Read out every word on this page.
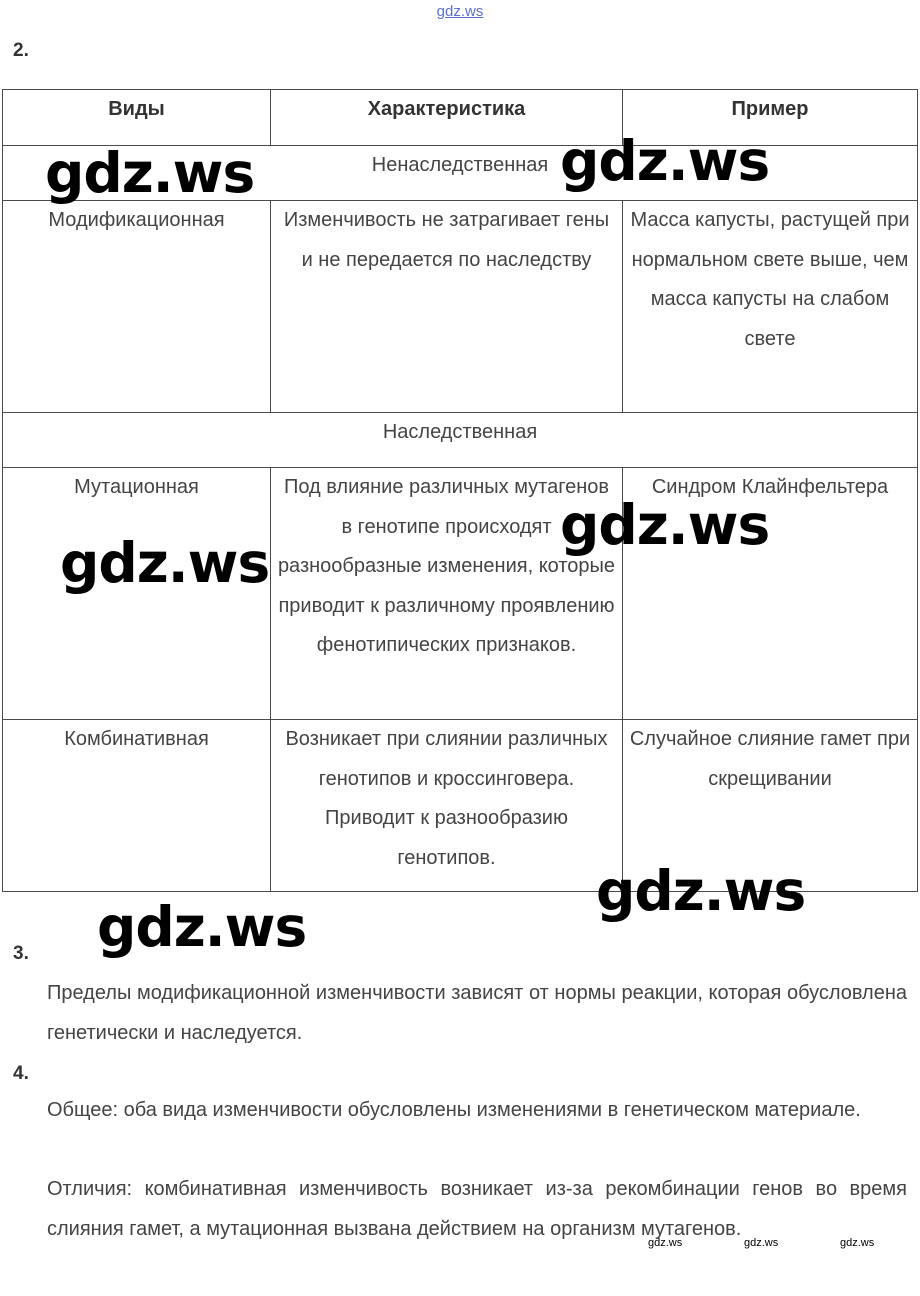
gdz.ws
2.
Виды	Характеристика	Пример
Ненаследственная		
Модификационная	Изменчивость не затрагивает гены и не передается по наследству	Масса капусты, растущей при нормальном свете выше, чем масса капусты на слабом свете
Наследственная		
Мутационная	Под влияние различных мутагенов в генотипе происходят разнообразные изменения, которые приводит к различному проявлению фенотипических признаков.	Синдром Клайнфельтера
Комбинативная	Возникает при слиянии различных генотипов и кроссинговера. Приводит к разнообразию генотипов.	Случайное слияние гамет при скрещивании
3.
Пределы модификационной изменчивости зависят от нормы реакции, которая обусловлена генетически и наследуется.
4.
Общее: оба вида изменчивости обусловлены изменениями в генетическом материале.
Отличия: комбинативная изменчивость возникает из-за рекомбинации генов во время слияния гамет, а мутационная вызвана действием на организм мутагенов.
gdz.ws	gdz.ws
gdz.ws
gdz.ws
gdz.ws
gdz.ws
gdz.ws	gdz.ws	gdz.ws
